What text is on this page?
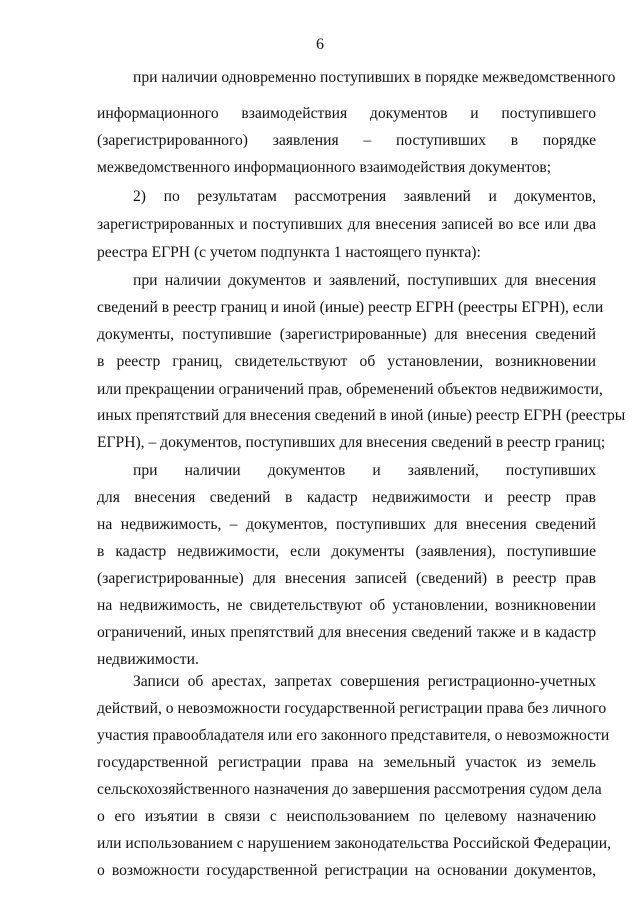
6
при наличии одновременно поступивших в порядке межведомственного
информационного взаимодействия документов и поступившего
(зарегистрированного) заявления – поступивших в порядке
межведомственного информационного взаимодействия документов;
2) по результатам рассмотрения заявлений и документов,
зарегистрированных и поступивших для внесения записей во все или два
реестра ЕГРН (с учетом подпункта 1 настоящего пункта):
при наличии документов и заявлений, поступивших для внесения
сведений в реестр границ и иной (иные) реестр ЕГРН (реестры ЕГРН), если
документы, поступившие (зарегистрированные) для внесения сведений
в реестр границ, свидетельствуют об установлении, возникновении
или прекращении ограничений прав, обременений объектов недвижимости,
иных препятствий для внесения сведений в иной (иные) реестр ЕГРН (реестры
ЕГРН), – документов, поступивших для внесения сведений в реестр границ;
при наличии документов и заявлений, поступивших
для внесения сведений в кадастр недвижимости и реестр прав
на недвижимость, – документов, поступивших для внесения сведений
в кадастр недвижимости, если документы (заявления), поступившие
(зарегистрированные) для внесения записей (сведений) в реестр прав
на недвижимость, не свидетельствуют об установлении, возникновении
ограничений, иных препятствий для внесения сведений также и в кадастр
недвижимости.
Записи об арестах, запретах совершения регистрационно-учетных
действий, о невозможности государственной регистрации права без личного
участия правообладателя или его законного представителя, о невозможности
государственной регистрации права на земельный участок из земель
сельскохозяйственного назначения до завершения рассмотрения судом дела
о его изъятии в связи с неиспользованием по целевому назначению
или использованием с нарушением законодательства Российской Федерации,
о возможности государственной регистрации на основании документов,
